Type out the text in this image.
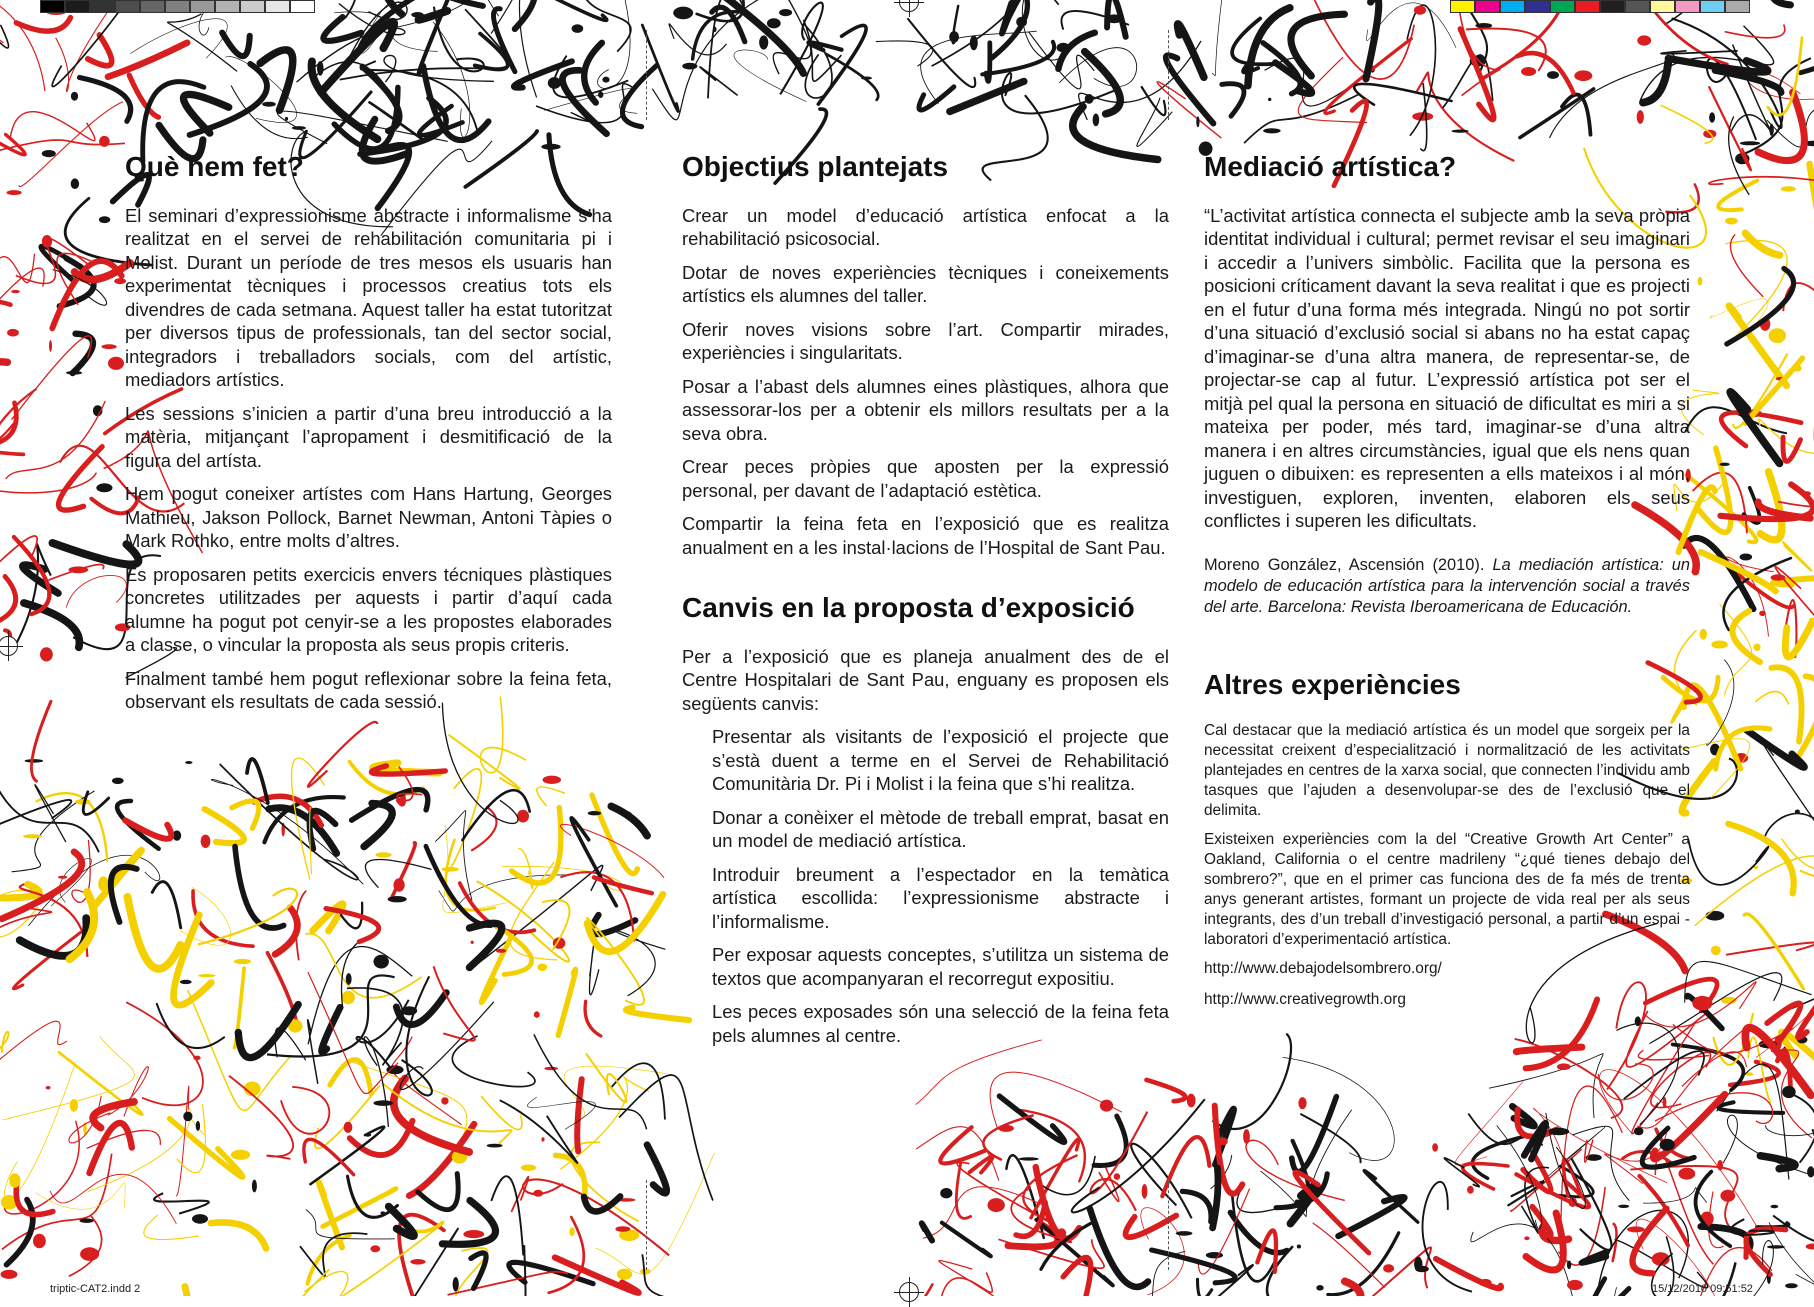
Què hem fet?

El seminari d’expressionisme abstracte i informalisme s’ha realitzat en el servei de rehabilitación comunitaria pi i Molist. Durant un període de tres mesos els usuaris han experimentat tècniques i processos creatius tots els divendres de cada setmana. Aquest taller ha estat tutoritzat per diversos tipus de professionals, tan del sector social, integradors i treballadors socials, com del artístic, mediadors artístics.

Les sessions s’inicien a partir d’una breu introducció a la matèria, mitjançant l’apropament i desmitificació de la figura del artísta.

Hem pogut coneixer artístes com Hans Hartung, Georges Mathieu, Jakson Pollock, Barnet Newman, Antoni Tàpies o Mark Rothko, entre molts d’altres.

Es proposaren petits exercicis envers técniques plàstiques concretes utilitzades per aquests i partir d’aquí cada alumne ha pogut pot cenyir-se a les propostes elaborades a classe, o vincular la proposta als seus propis criteris.

Finalment també hem pogut reflexionar sobre la feina feta, observant els resultats de cada sessió.

Objectius plantejats

Crear un model d’educació artística enfocat a la rehabilitació psicosocial.

Dotar de noves experiències tècniques i coneixements artístics els alumnes del taller.

Oferir noves visions sobre l’art. Compartir mirades, experiències i singularitats.

Posar a l’abast dels alumnes eines plàstiques, alhora que assessorar-los per a obtenir els millors resultats per a la seva obra.

Crear peces pròpies que aposten per la expressió personal, per davant de l’adaptació estètica.

Compartir la feina feta en l’exposició que es realitza anualment en a les instal·lacions de l’Hospital de Sant Pau.

Canvis en la proposta d’exposició

Per a l’exposició que es planeja anualment des de el Centre Hospitalari de Sant Pau, enguany es proposen els següents canvis:

Presentar als visitants de l’exposició el projecte que s’està duent a terme en el Servei de Rehabilitació Comunitària Dr. Pi i Molist i la feina que s’hi realitza.

Donar a conèixer el mètode de treball emprat, basat en un model de mediació artística.

Introduir breument a l’espectador en la temàtica artística escollida: l’expressionisme abstracte i l’informalisme.

Per exposar aquests conceptes, s’utilitza un sistema de textos que acompanyaran el recorregut expositiu.

Les peces exposades són una selecció de la feina feta pels alumnes al centre.

Mediació artística?

“L’activitat artística connecta el subjecte amb la seva pròpia identitat individual i cultural; permet revisar el seu imaginari i accedir a l’univers simbòlic. Facilita que la persona es posicioni críticament davant la seva realitat i que es projecti en el futur d’una forma més integrada. Ningú no pot sortir d’una situació d’exclusió social si abans no ha estat capaç d’imaginar-se d’una altra manera, de representar-se, de projectar-se cap al futur. L’expressió artística pot ser el mitjà pel qual la persona en situació de dificultat es miri a si mateixa per poder, més tard, imaginar-se d’una altra manera i en altres circumstàncies, igual que els nens quan juguen o dibuixen: es representen a ells mateixos i al món, investiguen, exploren, inventen, elaboren els seus conflictes i superen les dificultats.

Moreno González, Ascensión (2010). La mediación artística: un modelo de educación artística para la intervención social a través del arte. Barcelona: Revista Iberoamericana de Educación.

Altres experiències

Cal destacar que la mediació artística és un model que sorgeix per la necessitat creixent d’especialització i normalització de les activitats plantejades en centres de la xarxa social, que connecten l’individu amb tasques que l’ajuden a desenvolupar-se des de l’exclusió que el delimita.

Existeixen experiències com la del “Creative Growth Art Center” a Oakland, California o el centre madrileny “¿qué tienes debajo del sombrero?”, que en el primer cas funciona des de fa més de trenta anys generant artistes, formant un projecte de vida real per als seus integrants, des d’un treball d’investigació personal, a partir d’un espai - laboratori d’experimentació artística.

http://www.debajodelsombrero.org/
http://www.creativegrowth.org
triptic-CAT2.indd 2	15/12/2010 09:51:52
